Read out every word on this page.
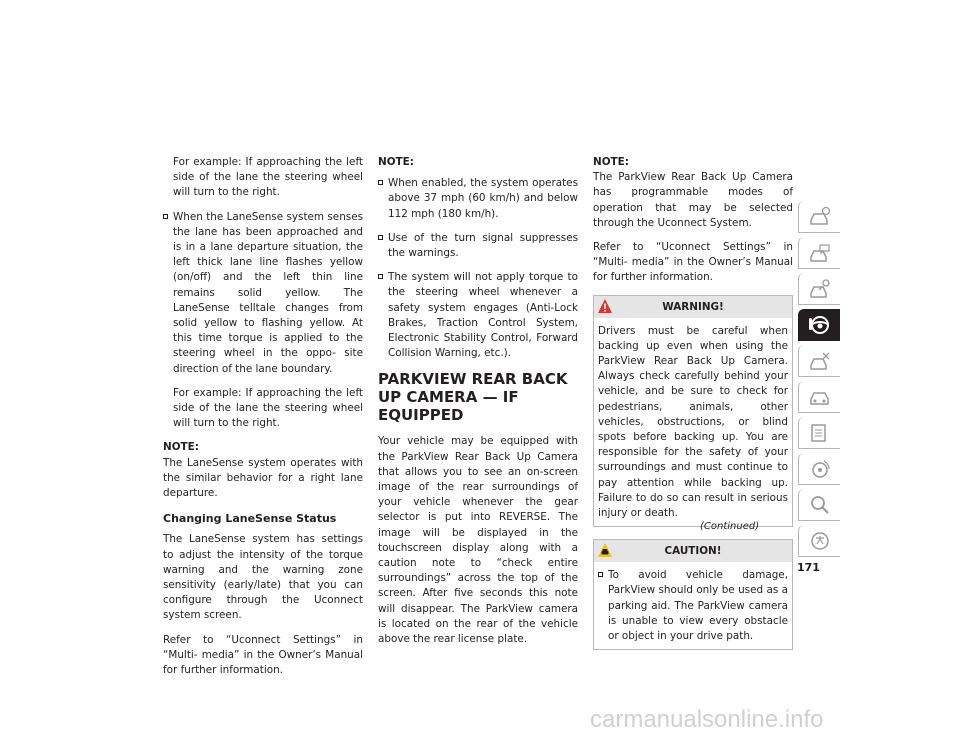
For example: If approaching the left side of the lane the steering wheel will turn to the right.

When the LaneSense system senses the lane has been approached and is in a lane departure situation, the left thick lane line flashes yellow (on/off) and the left thin line remains solid yellow. The LaneSense telltale changes from solid yellow to flashing yellow. At this time torque is applied to the steering wheel in the oppo- site direction of the lane boundary.

For example: If approaching the left side of the lane the steering wheel will turn to the right.

NOTE:

The LaneSense system operates with the similar behavior for a right lane departure.

Changing LaneSense Status

The LaneSense system has settings to adjust the intensity of the torque warning and the warning zone sensitivity (early/late) that you can configure through the Uconnect system screen.

Refer to “Uconnect Settings” in “Multi- media” in the Owner’s Manual for further information.

NOTE:

When enabled, the system operates above 37 mph (60 km/h) and below 112 mph (180 km/h).
Use of the turn signal suppresses the warnings.
The system will not apply torque to the steering wheel whenever a safety system engages (Anti-Lock Brakes, Traction Control System, Electronic Stability Control, Forward Collision Warning, etc.).
PARKVIEW REAR BACK UP CAMERA — IF EQUIPPED

Your vehicle may be equipped with the ParkView Rear Back Up Camera that allows you to see an on-screen image of the rear surroundings of your vehicle whenever the gear selector is put into REVERSE. The image will be displayed in the touchscreen display along with a caution note to “check entire surroundings” across the top of the screen. After five seconds this note will disappear. The ParkView camera is located on the rear of the vehicle above the rear license plate.

NOTE:

The ParkView Rear Back Up Camera has programmable modes of operation that may be selected through the Uconnect System.

Refer to “Uconnect Settings” in “Multi- media” in the Owner’s Manual for further information.

WARNING!

Drivers must be careful when backing up even when using the ParkView Rear Back Up Camera. Always check carefully behind your vehicle, and be sure to check for pedestrians, animals, other vehicles, obstructions, or blind spots before backing up. You are responsible for the safety of your surroundings and must continue to pay attention while backing up. Failure to do so can result in serious injury or death.

CAUTION!
To avoid vehicle damage, ParkView should only be used as a parking aid. The ParkView camera is unable to view every obstacle or object in your drive path.
(Continued)
171
carmanualsonline.info
